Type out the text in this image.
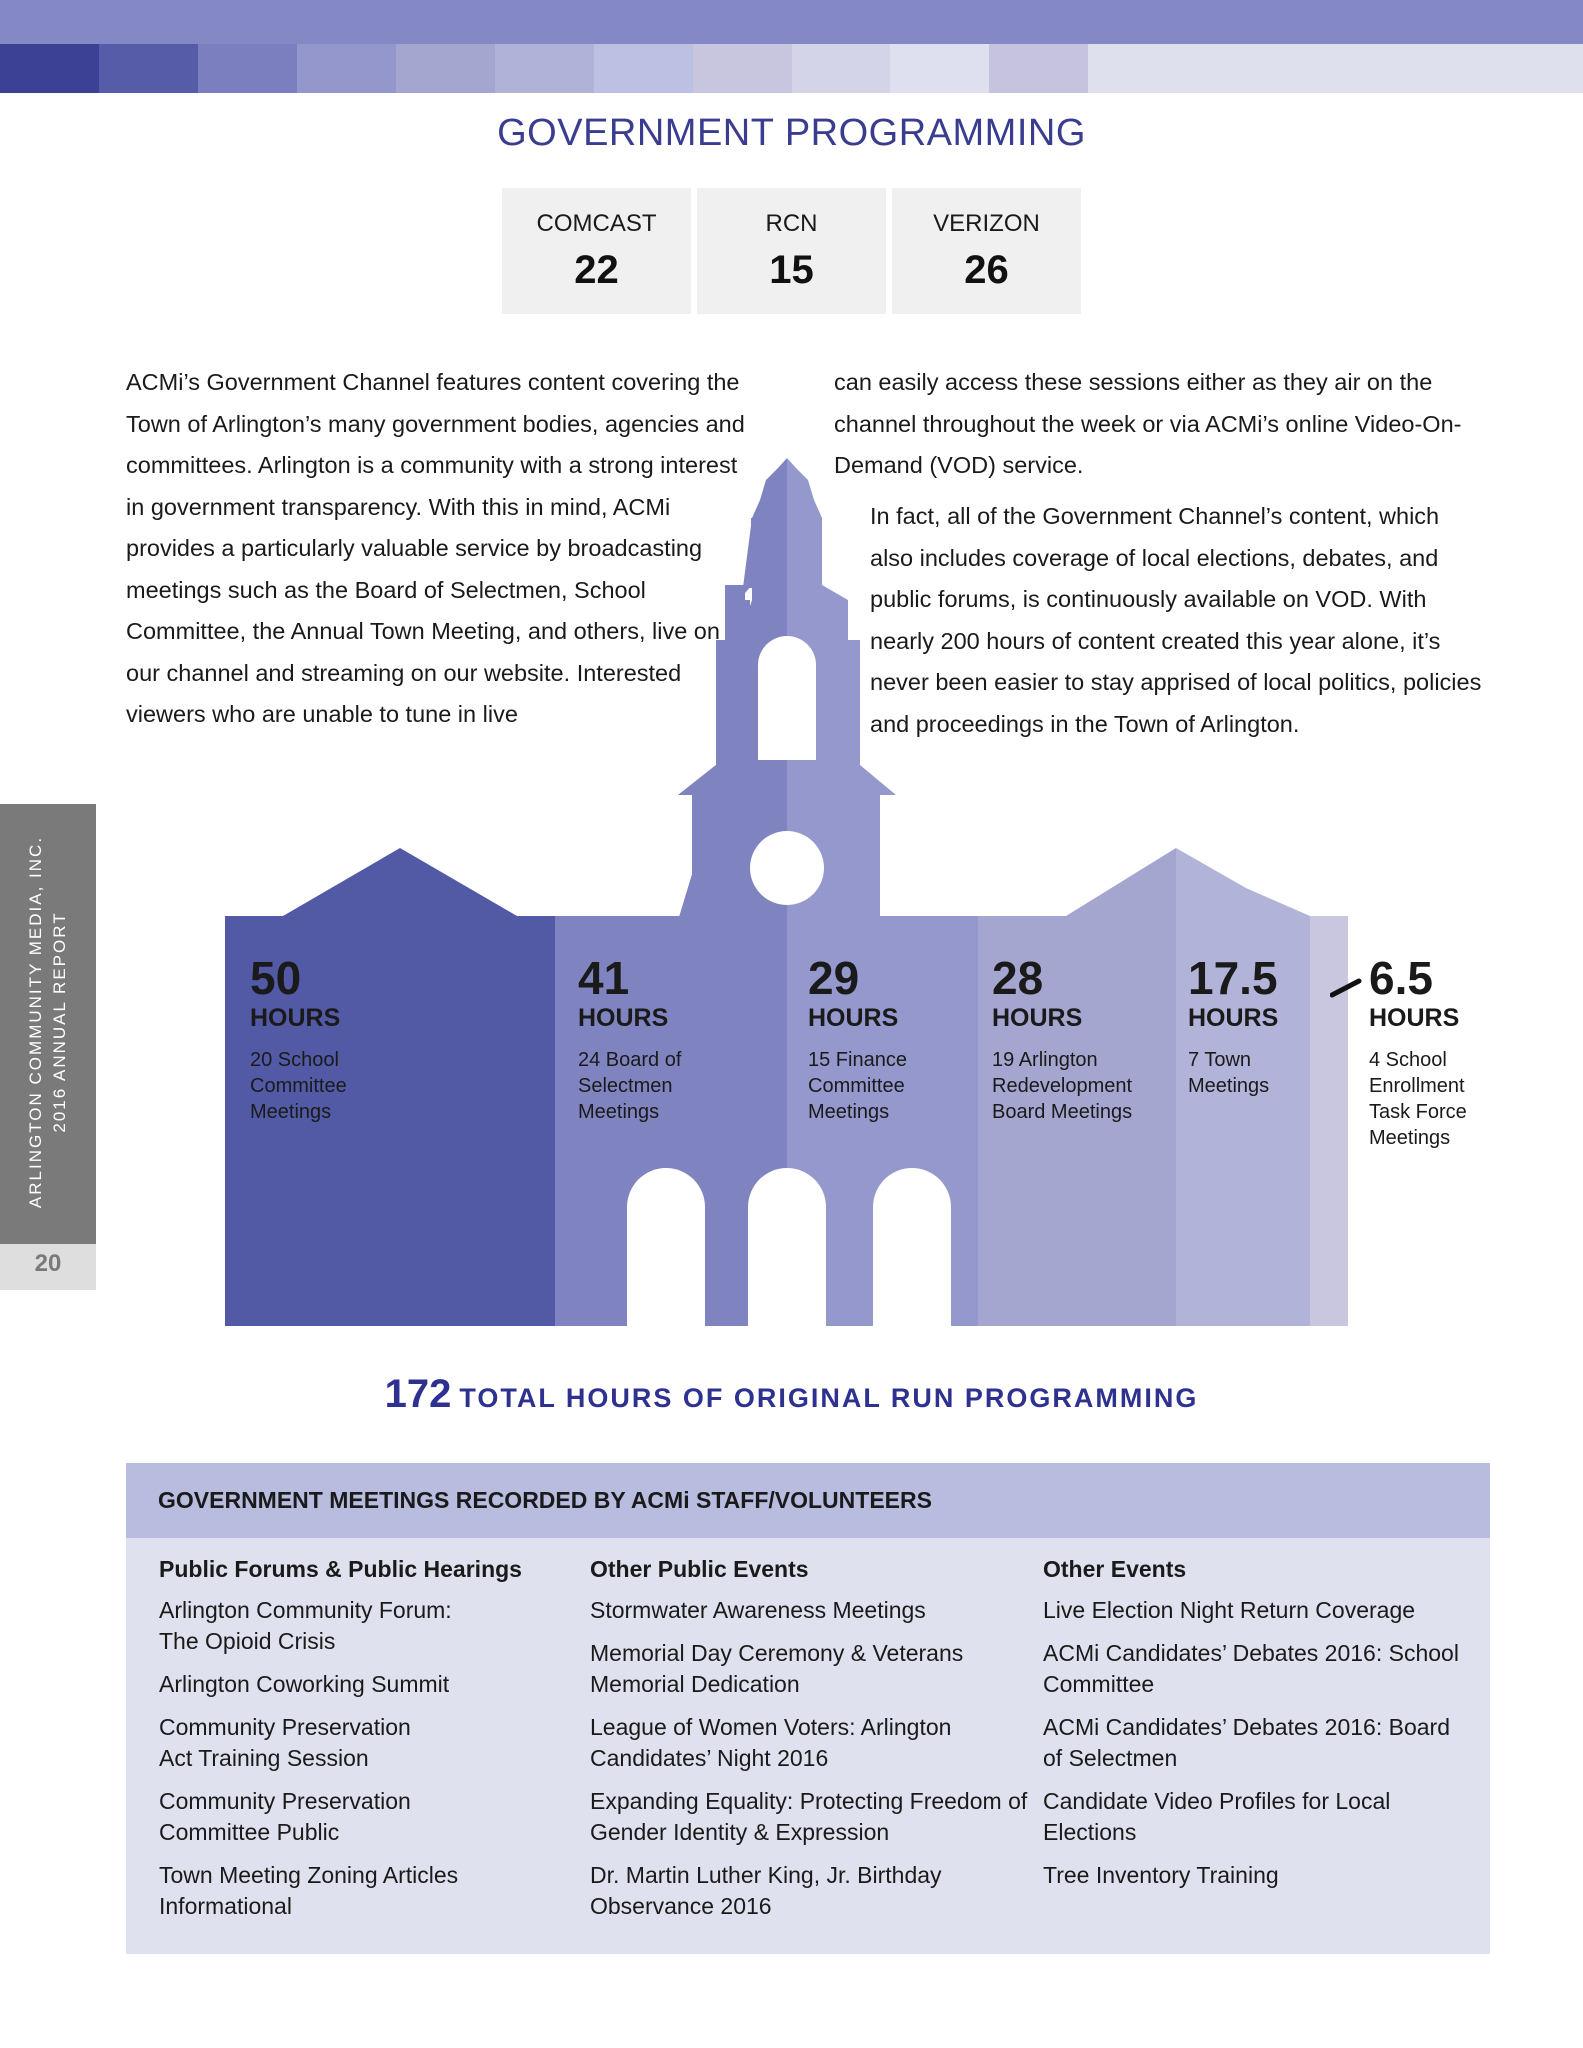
GOVERNMENT PROGRAMMING
COMCAST
22
RCN
15
VERIZON
26
50
HOURS
20 School
Committee
Meetings
41
HOURS
24 Board of
Selectmen
Meetings
29
HOURS
15 Finance
Committee
Meetings
28
HOURS
19 Arlington
Redevelopment
Board Meetings
17.5
HOURS
7 Town
Meetings
6.5
HOURS
4 School
Enrollment
Task Force
Meetings

ACMi’s Government Channel features content covering the Town of Arlington’s many government bodies, agencies and committees. Arlington is a community with a strong interest in government transparency. With this in mind, ACMi provides a particularly valuable service by broadcasting meetings such as the Board of Selectmen, School Committee, the Annual Town Meeting, and others, live on our channel and streaming on our website. Interested viewers who are unable to tune in live

can easily access these sessions either as they air on the channel throughout the week or via ACMi’s online Video-On-Demand (VOD) service.

In fact, all of the Government Channel’s content, which also includes coverage of local elections, debates, and public forums, is continuously available on VOD. With nearly 200 hours of content created this year alone, it’s never been easier to stay apprised of local politics, policies and proceedings in the Town of Arlington.

ARLINGTON COMMUNITY MEDIA, INC. 2016 ANNUAL REPORT
20
172 TOTAL HOURS OF ORIGINAL RUN PROGRAMMING
GOVERNMENT MEETINGS RECORDED BY ACMi STAFF/VOLUNTEERS
Public Forums & Public Hearings
Arlington Community Forum:
The Opioid Crisis
Arlington Coworking Summit
Community Preservation
Act Training Session
Community Preservation
Committee Public
Town Meeting Zoning Articles
Informational
Other Public Events
Stormwater Awareness Meetings
Memorial Day Ceremony & Veterans
Memorial Dedication
League of Women Voters: Arlington
Candidates’ Night 2016
Expanding Equality: Protecting Freedom of
Gender Identity & Expression
Dr. Martin Luther King, Jr. Birthday
Observance 2016
Other Events
Live Election Night Return Coverage
ACMi Candidates’ Debates 2016: School
Committee
ACMi Candidates’ Debates 2016: Board
of Selectmen
Candidate Video Profiles for Local
Elections
Tree Inventory Training
